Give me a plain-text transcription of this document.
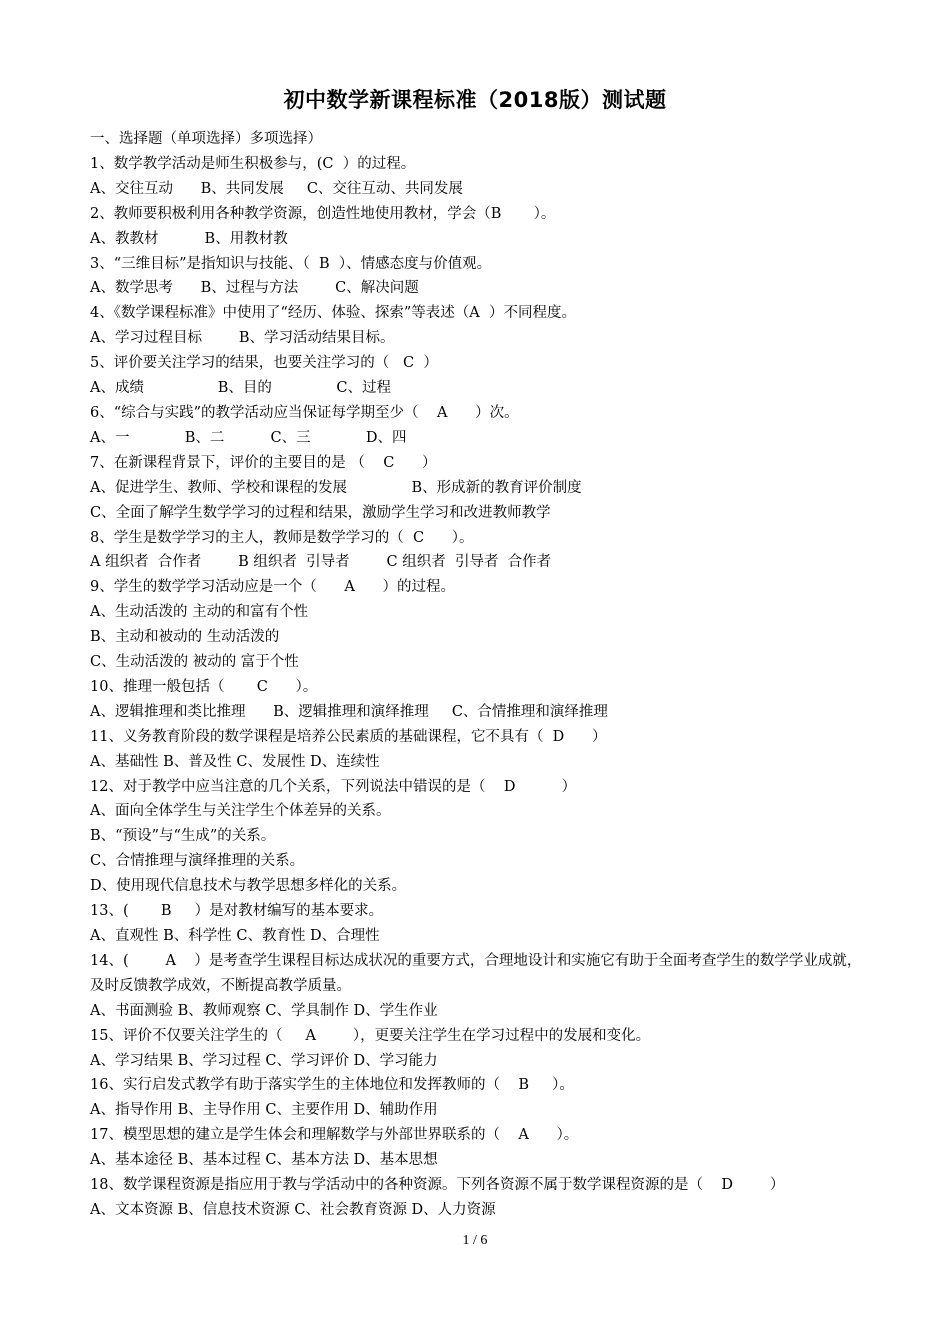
初中数学新课程标准（2018版）测试题
一、选择题（单项选择）多项选择）
1、数学教学活动是师生积极参与，(C  ）的过程。
A、交往互动      B、共同发展     C、交往互动、共同发展
2、教师要积极利用各种教学资源，创造性地使用教材，学会（B       ）。
A、教教材          B、用教材教
3、“三维目标”是指知识与技能、（  B  ）、情感态度与价值观。
A、数学思考      B、过程与方法        C、解决问题
4、《数学课程标准》中使用了“经历、体验、探索”等表述（A  ）不同程度。
A、学习过程目标        B、学习活动结果目标。
5、评价要关注学习的结果，也要关注学习的（   C  ）
A、成绩                B、目的              C、过程
6、“综合与实践”的教学活动应当保证每学期至少（    A      ）次。
A、一            B、二          C、三            D、四
7、在新课程背景下，评价的主要目的是 （    C      ）
A、促进学生、教师、学校和课程的发展              B、形成新的教育评价制度
C、全面了解学生数学学习的过程和结果，激励学生学习和改进教师教学
8、学生是数学学习的主人，教师是数学学习的（  C      ）。
A 组织者  合作者        B 组织者  引导者        C 组织者  引导者  合作者
9、学生的数学学习活动应是一个（      A      ）的过程。
A、生动活泼的 主动的和富有个性
B、主动和被动的 生动活泼的
C、生动活泼的 被动的 富于个性
10、推理一般包括（       C      ）。
A、逻辑推理和类比推理      B、逻辑推理和演绎推理     C、合情推理和演绎推理
11、义务教育阶段的数学课程是培养公民素质的基础课程，它不具有（  D      ）
A、基础性 B、普及性 C、发展性 D、连续性
12、对于教学中应当注意的几个关系，下列说法中错误的是（    D          ）
A、面向全体学生与关注学生个体差异的关系。
B、“预设”与“生成”的关系。
C、合情推理与演绎推理的关系。
D、使用现代信息技术与教学思想多样化的关系。
13、(       B     ）是对教材编写的基本要求。
A、直观性 B、科学性 C、教育性 D、合理性
14、(        A    ）是考查学生课程目标达成状况的重要方式，合理地设计和实施它有助于全面考查学生的数学学业成就，及时反馈教学成效，不断提高教学质量。
A、书面测验 B、教师观察 C、学具制作 D、学生作业
15、评价不仅要关注学生的（     A        ），更要关注学生在学习过程中的发展和变化。
A、学习结果 B、学习过程 C、学习评价 D、学习能力
16、实行启发式教学有助于落实学生的主体地位和发挥教师的（    B     ）。
A、指导作用 B、主导作用 C、主要作用 D、辅助作用
17、模型思想的建立是学生体会和理解数学与外部世界联系的（    A      ）。
A、基本途径 B、基本过程 C、基本方法 D、基本思想
18、数学课程资源是指应用于教与学活动中的各种资源。下列各资源不属于数学课程资源的是（    D        ）
A、文本资源 B、信息技术资源 C、社会教育资源 D、人力资源
1 / 6
